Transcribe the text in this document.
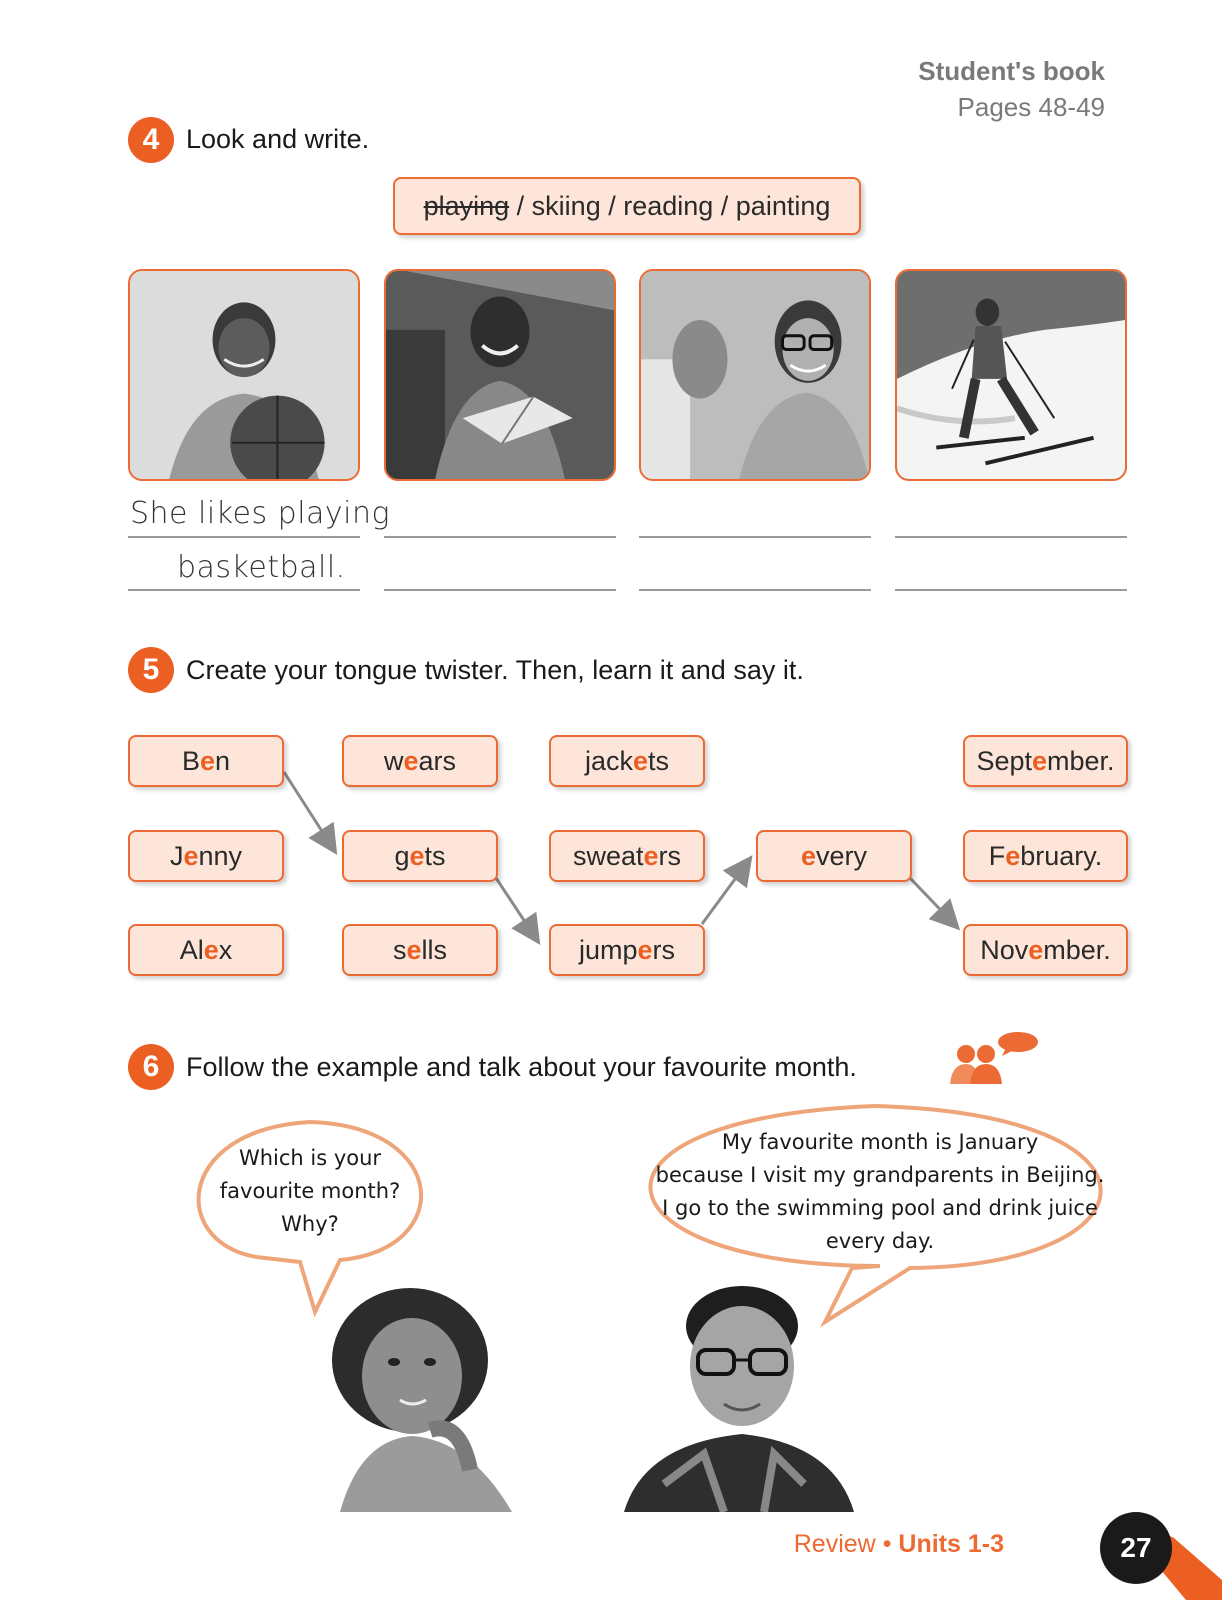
Student's book
Pages 48-49
4 Look and write.
playing / skiing / reading / painting
She likes playing
basketball.
5 Create your tongue twister. Then, learn it and say it.
B e n
J e nny
Al e x
w e ars
g e ts
s e lls
jack e ts
sweat e rs
jump e rs
e very
Sept e mber.
F e bruary.
Nov e mber.
6 Follow the example and talk about your favourite month.
Which is your
favourite month?
Why?
My favourite month is January
because I visit my grandparents in Beijing.
I go to the swimming pool and drink juice
every day.
Review • Units 1-3	27
